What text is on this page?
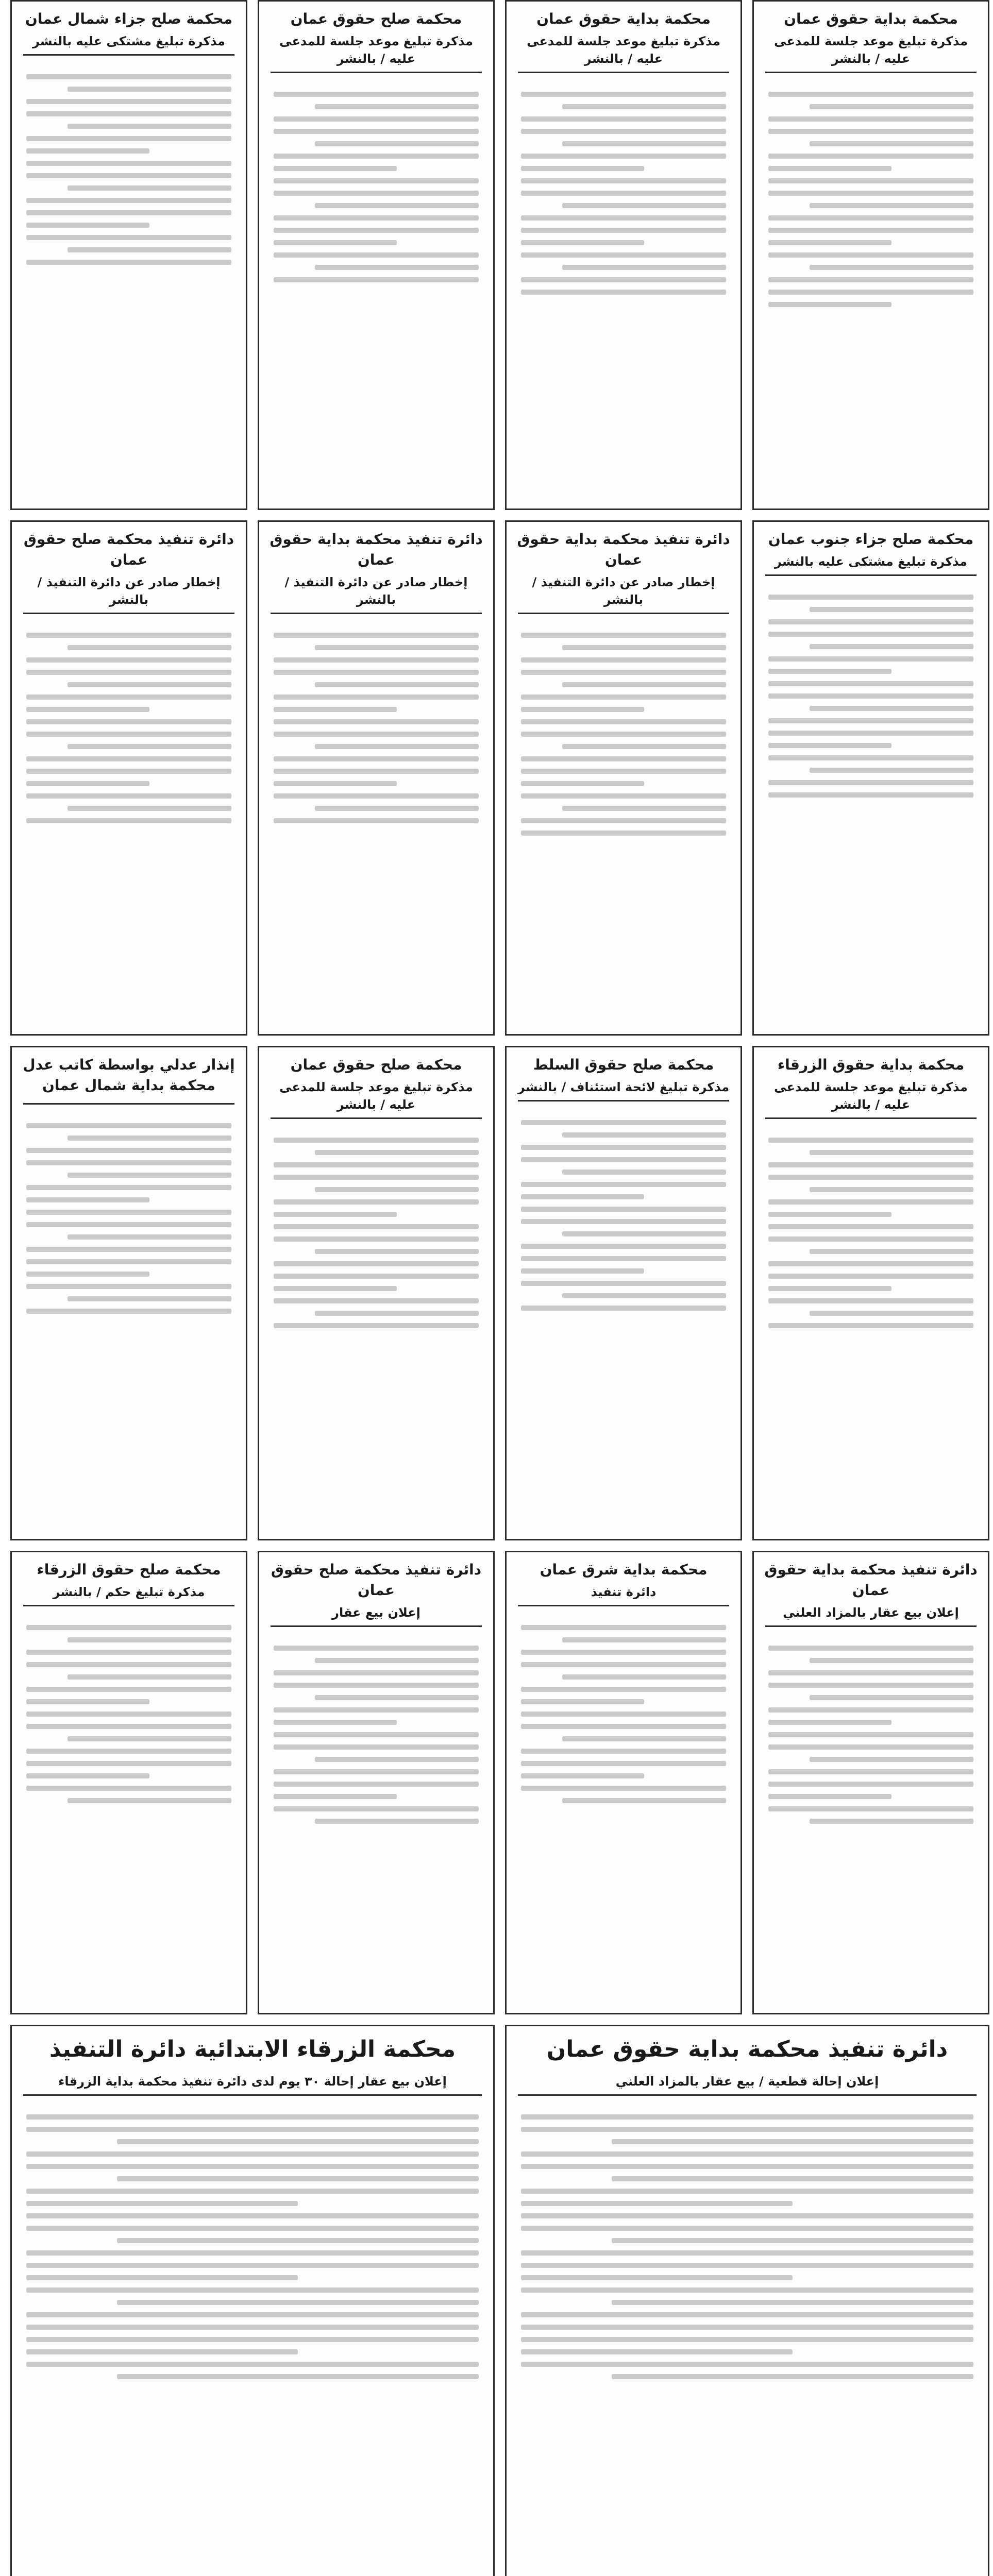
محكمة بداية حقوق عمان
مذكرة تبليغ موعد جلسة للمدعى عليه / بالنشر
محكمة بداية حقوق عمان
مذكرة تبليغ موعد جلسة للمدعى عليه / بالنشر
محكمة صلح حقوق عمان
مذكرة تبليغ موعد جلسة للمدعى عليه / بالنشر
محكمة صلح جزاء شمال عمان
مذكرة تبليغ مشتكى عليه بالنشر
محكمة صلح جزاء جنوب عمان
مذكرة تبليغ مشتكى عليه بالنشر
دائرة تنفيذ محكمة بداية حقوق عمان
إخطار صادر عن دائرة التنفيذ / بالنشر
دائرة تنفيذ محكمة بداية حقوق عمان
إخطار صادر عن دائرة التنفيذ / بالنشر
دائرة تنفيذ محكمة صلح حقوق عمان
إخطار صادر عن دائرة التنفيذ / بالنشر
محكمة بداية حقوق الزرقاء
مذكرة تبليغ موعد جلسة للمدعى عليه / بالنشر
محكمة صلح حقوق السلط
مذكرة تبليغ لائحة استئناف / بالنشر
محكمة صلح حقوق عمان
مذكرة تبليغ موعد جلسة للمدعى عليه / بالنشر
إنذار عدلي بواسطة كاتب عدل محكمة بداية شمال عمان
دائرة تنفيذ محكمة بداية حقوق عمان
إعلان بيع عقار بالمزاد العلني
محكمة بداية شرق عمان
دائرة تنفيذ
دائرة تنفيذ محكمة صلح حقوق عمان
إعلان بيع عقار
محكمة صلح حقوق الزرقاء
مذكرة تبليغ حكم / بالنشر
دائرة تنفيذ محكمة بداية حقوق عمان
إعلان إحالة قطعية / بيع عقار بالمزاد العلني
محكمة الزرقاء الابتدائية دائرة التنفيذ
إعلان بيع عقار إحالة ٣٠ يوم لدى دائرة تنفيذ محكمة بداية الزرقاء
